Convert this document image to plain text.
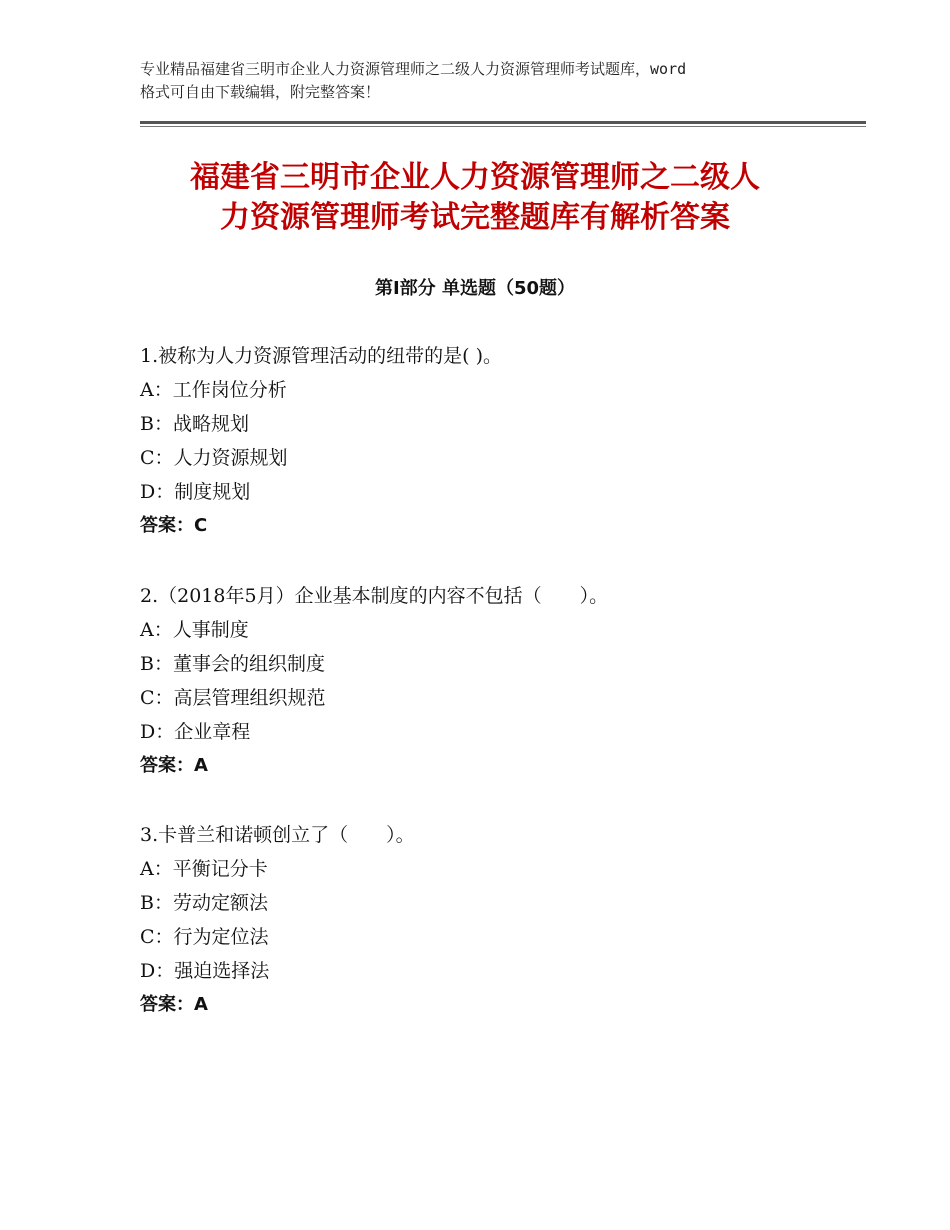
专业精品福建省三明市企业人力资源管理师之二级人力资源管理师考试题库，word
格式可自由下载编辑，附完整答案！
福建省三明市企业人力资源管理师之二级人
力资源管理师考试完整题库有解析答案
第Ⅰ部分 单选题（50题）
1.被称为人力资源管理活动的纽带的是( )。
A：工作岗位分析
B：战略规划
C：人力资源规划
D：制度规划
答案：C
2.（2018年5月）企业基本制度的内容不包括（　　）。
A：人事制度
B：董事会的组织制度
C：高层管理组织规范
D：企业章程
答案：A
3.卡普兰和诺顿创立了（　　）。
A：平衡记分卡
B：劳动定额法
C：行为定位法
D：强迫选择法
答案：A
